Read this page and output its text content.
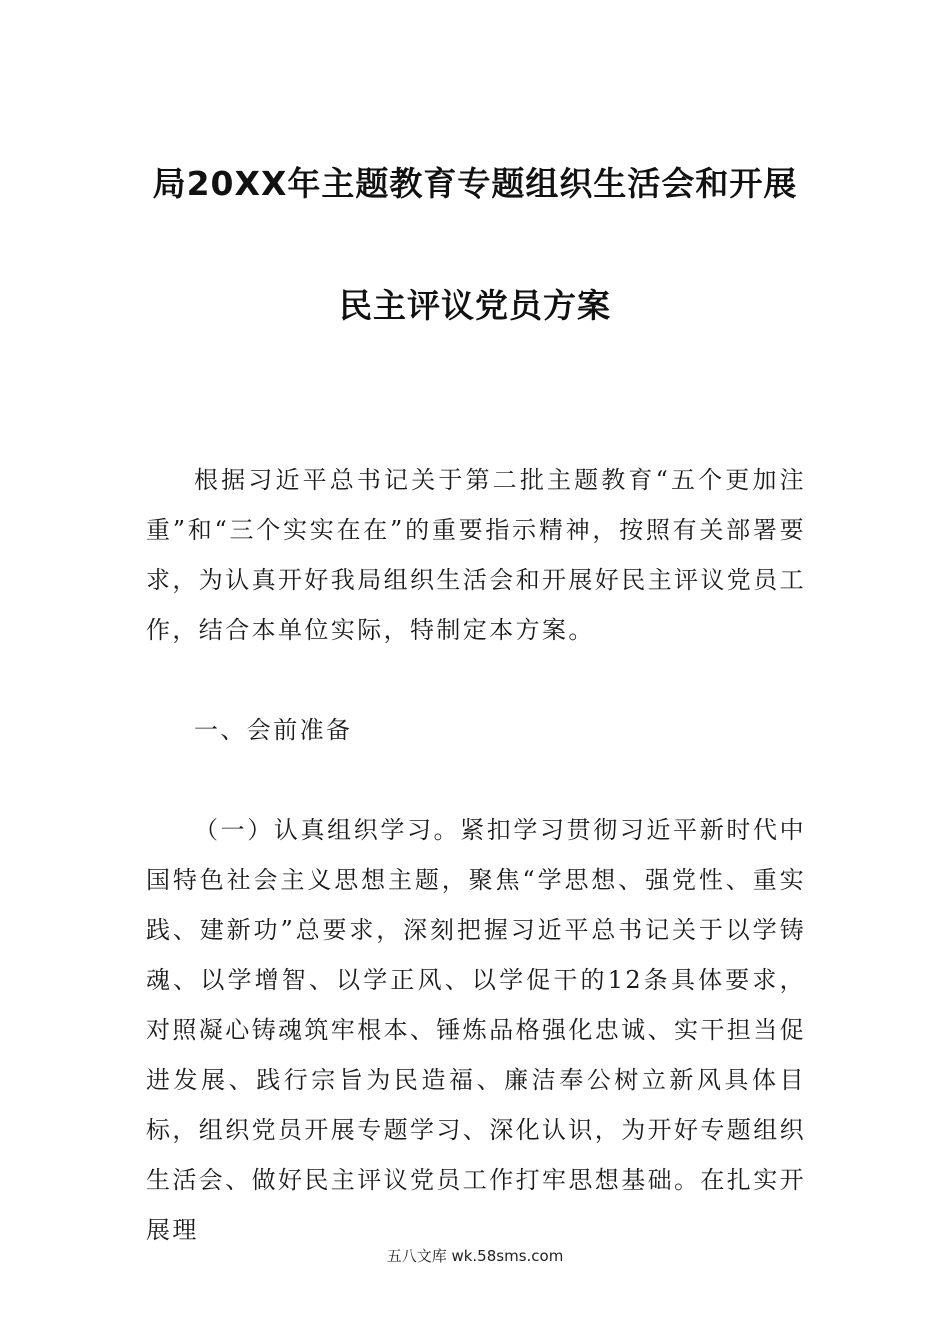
局20XX年主题教育专题组织生活会和开展
民主评议党员方案

根据习近平总书记关于第二批主题教育“五个更加注重”和“三个实实在在”的重要指示精神，按照有关部署要求，为认真开好我局组织生活会和开展好民主评议党员工作，结合本单位实际，特制定本方案。

一、会前准备

（一）认真组织学习。紧扣学习贯彻习近平新时代中国特色社会主义思想主题，聚焦“学思想、强党性、重实践、建新功”总要求，深刻把握习近平总书记关于以学铸魂、以学增智、以学正风、以学促干的12条具体要求，对照凝心铸魂筑牢根本、锤炼品格强化忠诚、实干担当促进发展、践行宗旨为民造福、廉洁奉公树立新风具体目标，组织党员开展专题学习、深化认识，为开好专题组织生活会、做好民主评议党员工作打牢思想基础。在扎实开展理

五八文库 wk.58sms.com
